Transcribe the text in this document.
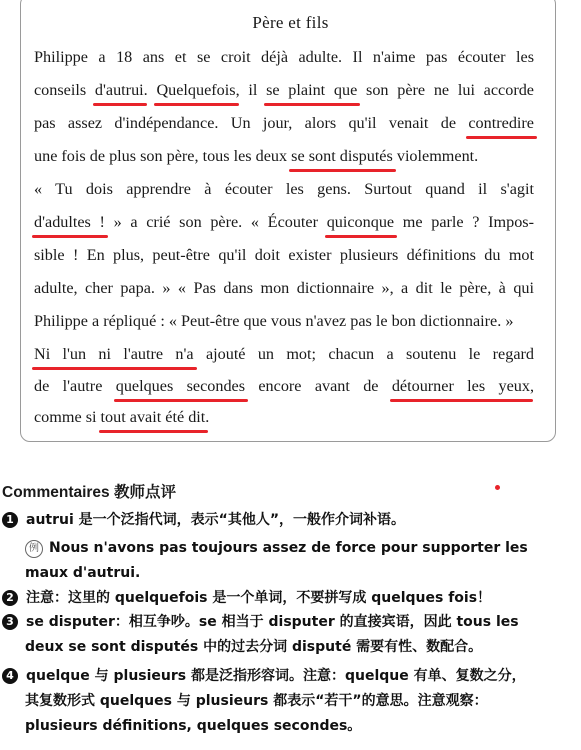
Père et fils
Philippe a 18 ans et se croit déjà adulte. Il n'aime pas écouter les
conseils d'autrui. Quelquefois, il se plaint que son père ne lui accorde
pas assez d'indépendance. Un jour, alors qu'il venait de contredire
une fois de plus son père, tous les deux se sont disputés violemment.
« Tu dois apprendre à écouter les gens. Surtout quand il s'agit
d'adultes ! » a crié son père. « Écouter quiconque me parle ? Impos-
sible ! En plus, peut-être qu'il doit exister plusieurs définitions du mot
adulte, cher papa. » « Pas dans mon dictionnaire », a dit le père, à qui
Philippe a répliqué : « Peut-être que vous n'avez pas le bon dictionnaire. »
Ni l'un ni l'autre n'a ajouté un mot; chacun a soutenu le regard
de l'autre quelques secondes encore avant de détourner les yeux,
comme si tout avait été dit.
Commentaires 教师点评
1 autrui 是一个泛指代词，表示“其他人”，一般作介词补语。
例 Nous n'avons pas toujours assez de force pour supporter les
maux d'autrui.
2 注意：这里的 quelquefois 是一个单词，不要拼写成 quelques fois！
3 se disputer：相互争吵。se 相当于 disputer 的直接宾语，因此 tous les
deux se sont disputés 中的过去分词 disputé 需要有性、数配合。
4 quelque 与 plusieurs 都是泛指形容词。注意：quelque 有单、复数之分，
其复数形式 quelques 与 plusieurs 都表示“若干”的意思。注意观察：
plusieurs définitions, quelques secondes。
